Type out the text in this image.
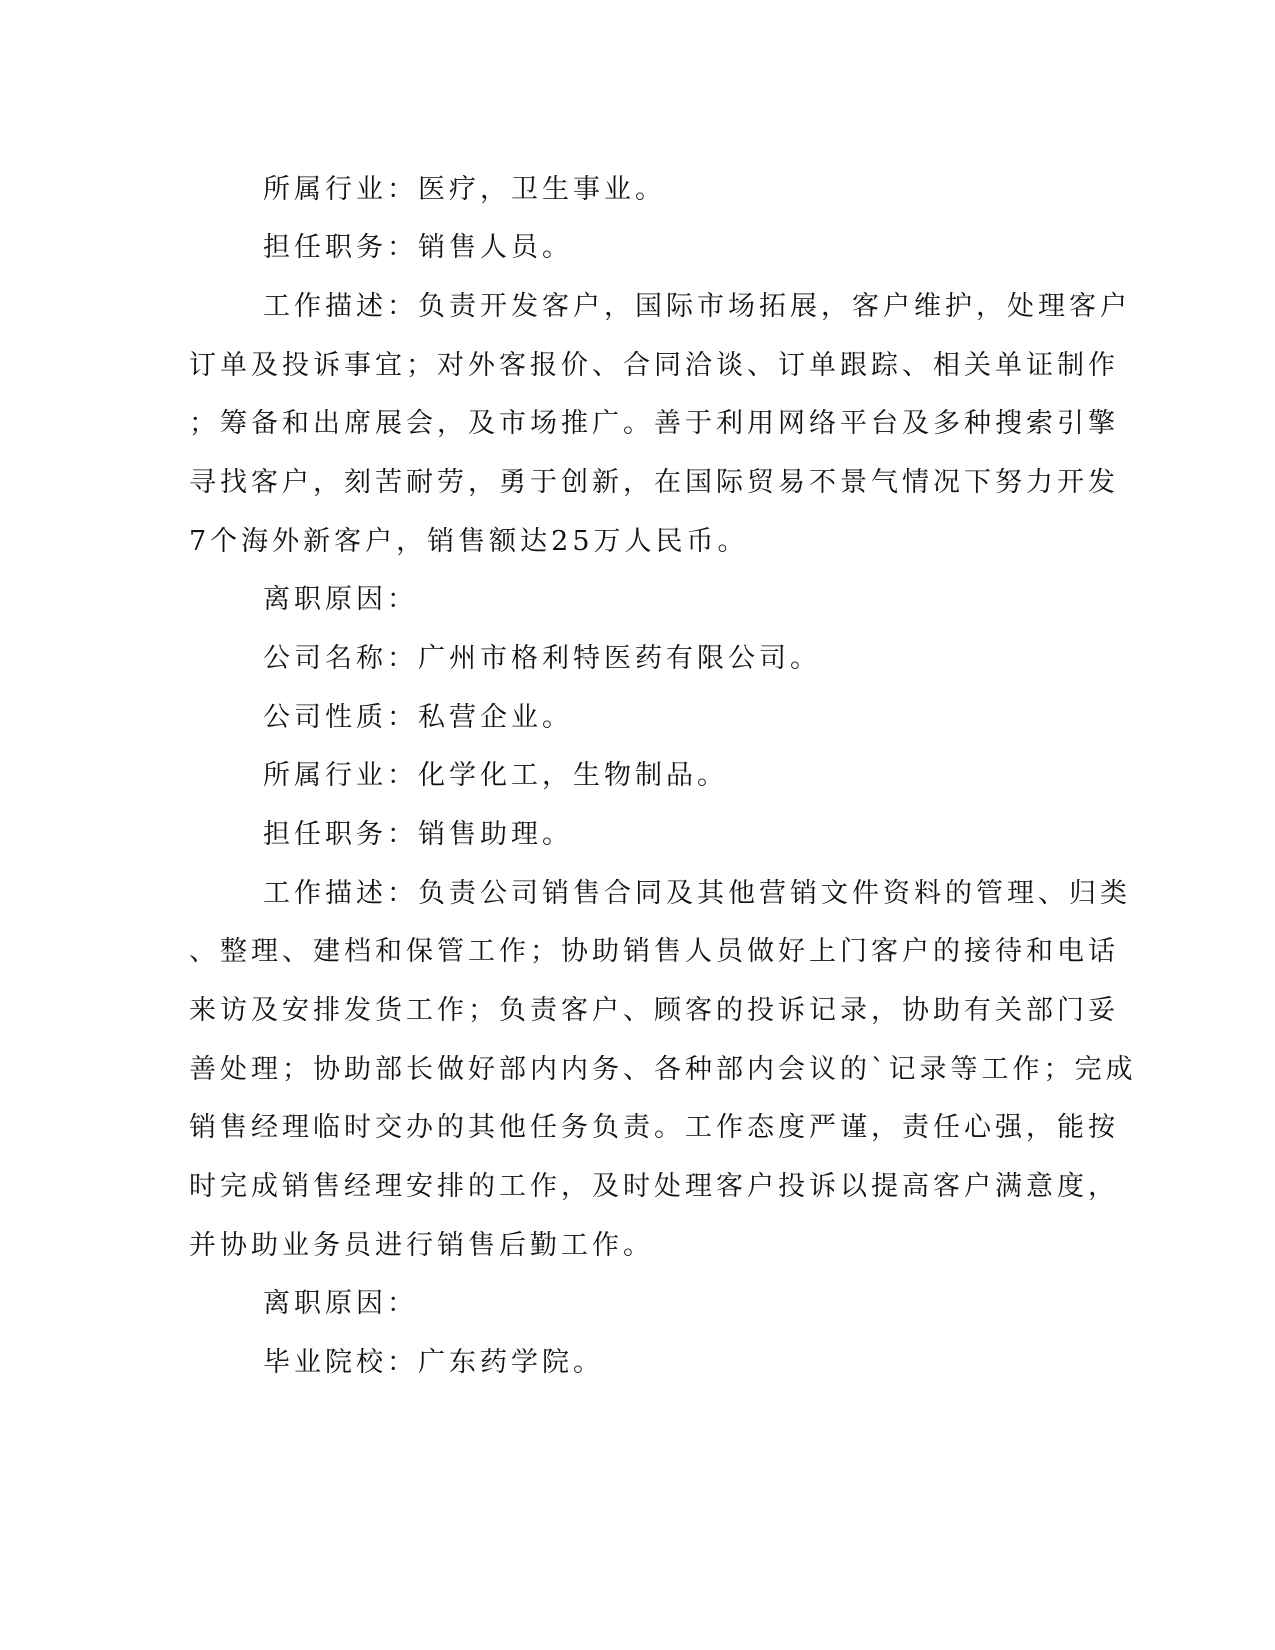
所属行业：医疗，卫生事业。
担任职务：销售人员。
工作描述：负责开发客户，国际市场拓展，客户维护，处理客户
订单及投诉事宜；对外客报价、合同洽谈、订单跟踪、相关单证制作
；筹备和出席展会，及市场推广。善于利用网络平台及多种搜索引擎
寻找客户，刻苦耐劳，勇于创新，在国际贸易不景气情况下努力开发
7个海外新客户，销售额达25万人民币。
离职原因：
公司名称：广州市格利特医药有限公司。
公司性质：私营企业。
所属行业：化学化工，生物制品。
担任职务：销售助理。
工作描述：负责公司销售合同及其他营销文件资料的管理、归类
、整理、建档和保管工作；协助销售人员做好上门客户的接待和电话
来访及安排发货工作；负责客户、顾客的投诉记录，协助有关部门妥
善处理；协助部长做好部内内务、各种部内会议的`记录等工作；完成
销售经理临时交办的其他任务负责。工作态度严谨，责任心强，能按
时完成销售经理安排的工作，及时处理客户投诉以提高客户满意度，
并协助业务员进行销售后勤工作。
离职原因：
毕业院校：广东药学院。
